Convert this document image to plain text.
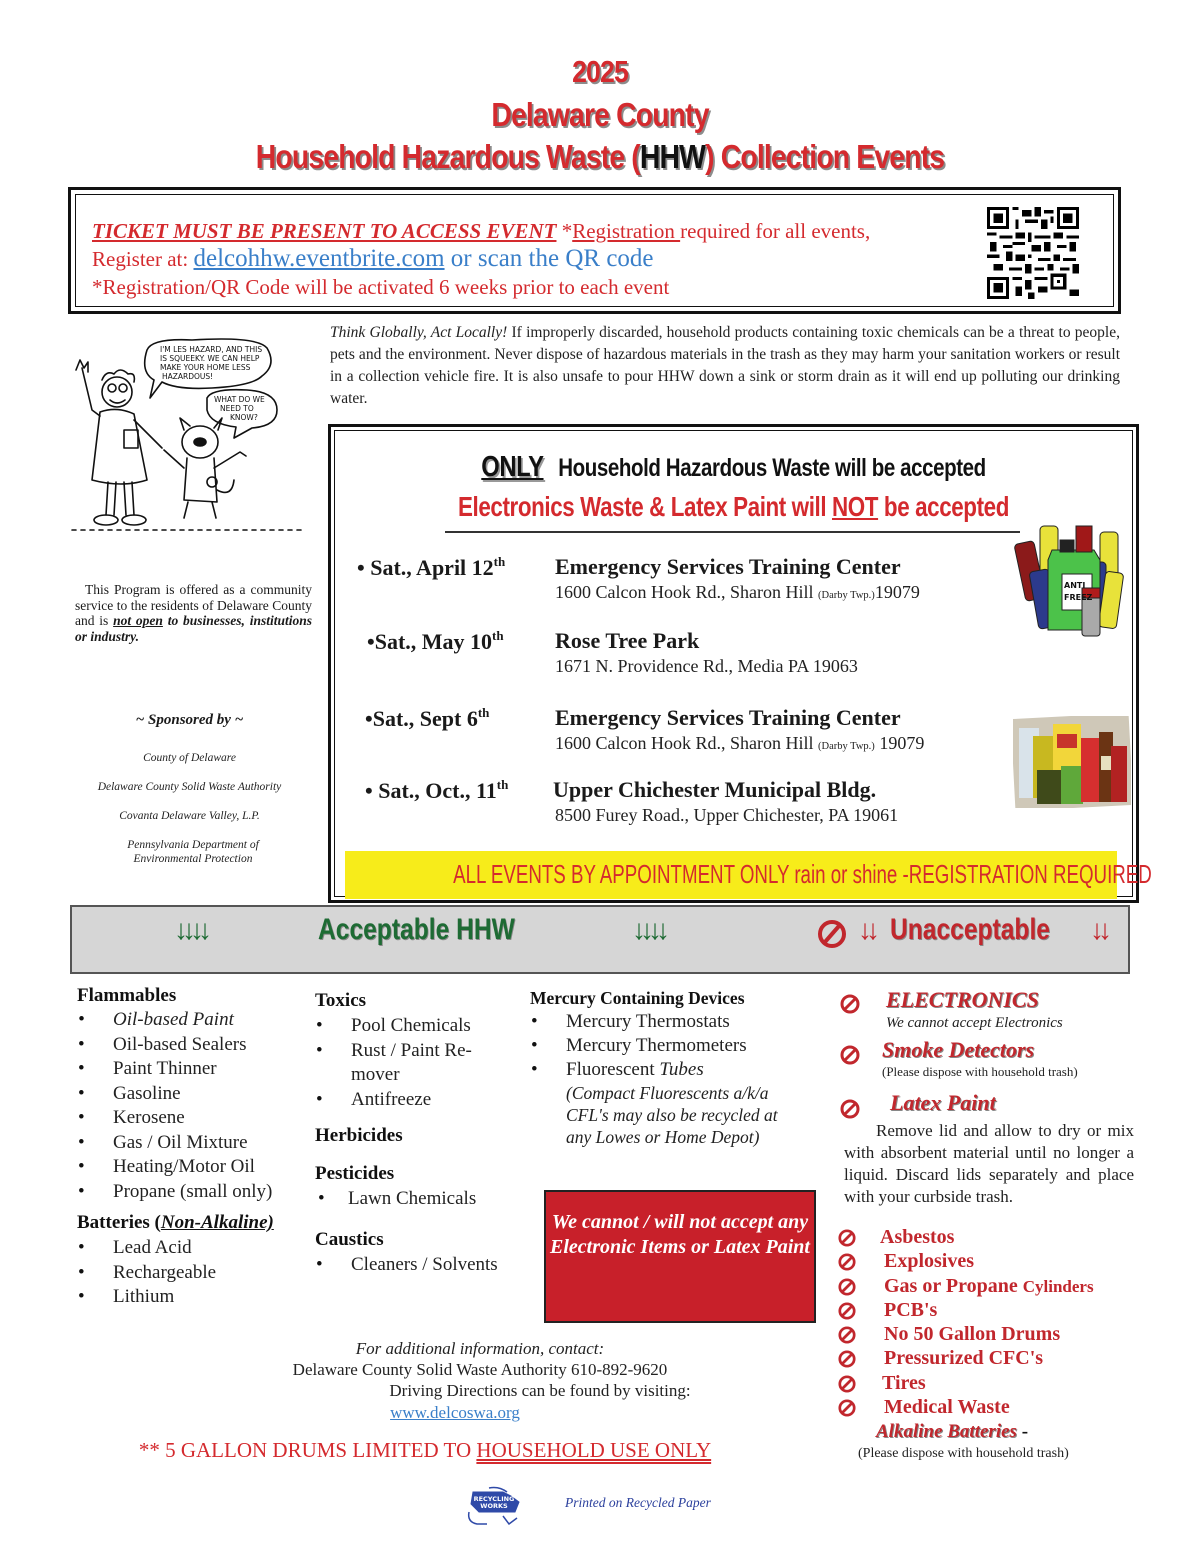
2025
Delaware County
Household Hazardous Waste (HHW) Collection Events
TICKET MUST BE PRESENT TO ACCESS EVENT *Registration required for all events,
Register at: delcohhw.eventbrite.com or scan the QR code
*Registration/QR Code will be activated 6 weeks prior to each event
I'M LES HAZARD, AND THIS
IS SQUEEKY. WE CAN HELP
MAKE YOUR HOME LESS
HAZARDOUS!
WHAT DO WE
NEED TO
KNOW?
Think Globally, Act Locally! If improperly discarded, household products containing toxic chemicals can be a threat to people, pets and the environment. Never dispose of hazardous materials in the trash as they may harm your sanitation workers or result in a collection vehicle fire. It is also unsafe to pour HHW down a sink or storm drain as it will end up polluting our drinking water.
This Program is offered as a community service to the residents of Delaware County and is not open to businesses, institutions or industry.
~ Sponsored by ~
County of Delaware
Delaware County Solid Waste Authority
Covanta Delaware Valley, L.P.
Pennsylvania Department of Environmental Protection
ONLY Household Hazardous Waste will be accepted
Electronics Waste & Latex Paint will NOT be accepted
• Sat., April 12th Emergency Services Training Center
1600 Calcon Hook Rd., Sharon Hill (Darby Twp.)19079
•Sat., May 10th Rose Tree Park
1671 N. Providence Rd., Media PA 19063
•Sat., Sept 6th	Emergency Services Training Center
1600 Calcon Hook Rd., Sharon Hill (Darby Twp.) 19079
• Sat., Oct., 11th Upper Chichester Municipal Bldg.
8500 Furey Road., Upper Chichester, PA 19061
ALL EVENTS BY APPOINTMENT ONLY rain or shine -REGISTRATION REQUIRED
ANTI
FREEZ
↓↓↓↓	Acceptable HHW	↓↓↓↓	↓↓ Unacceptable ↓↓
Flammables
• Oil-based Paint
• Oil-based Sealers
• Paint Thinner
• Gasoline
• Kerosene
• Gas / Oil Mixture
• Heating/Motor Oil
• Propane (small only)
Batteries (Non-Alkaline)
• Lead Acid
• Rechargeable
• Lithium
Toxics
• Pool Chemicals
• Rust / Paint Re-mover
• Antifreeze
Herbicides
Pesticides
• Lawn Chemicals
Caustics
• Cleaners / Solvents
Mercury Containing Devices
• Mercury Thermostats
• Mercury Thermometers
• Fluorescent Tubes
(Compact Fluorescents a/k/a CFL's may also be recycled at any Lowes or Home Depot)
We cannot / will not accept any Electronic Items or Latex Paint
ELECTRONICS
We cannot accept Electronics
Smoke Detectors
(Please dispose with household trash)
Latex Paint
Remove lid and allow to dry or mix with absorbent material until no longer a liquid. Discard lids separately and place with your curbside trash.
Asbestos
Explosives
Gas or Propane Cylinders
PCB's
No 50 Gallon Drums
Pressurized CFC's
Tires
Medical Waste
Alkaline Batteries -
(Please dispose with household trash)
For additional information, contact:
Delaware County Solid Waste Authority 610-892-9620
Driving Directions can be found by visiting:
www.delcoswa.org
** 5 GALLON DRUMS LIMITED TO HOUSEHOLD USE ONLY
RECYCLING
WORKS	Printed on Recycled Paper
